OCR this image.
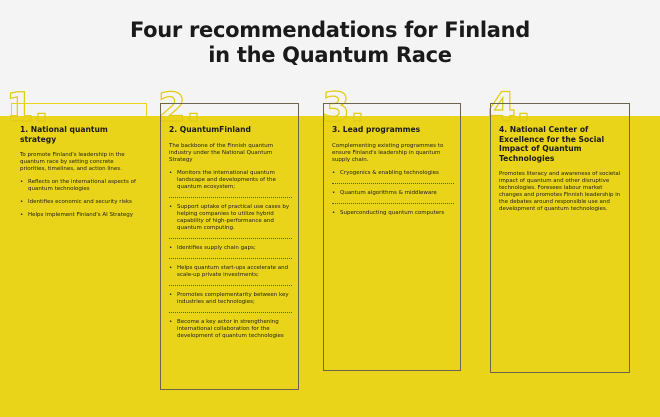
Four recommendations for Finland
in the Quantum Race
1.
1. National quantum strategy
To promote Finland's leadership in the quantum race by setting concrete priorities, timelines, and action lines.
• Reflects on the international aspects of quantum technologies
• Identifies economic and security risks
• Helps implement Finland's AI Strategy
2.
2. QuantumFinland
The backbone of the Finnish quantum industry under the National Quantum Strategy
• Monitors the international quantum landscape and developments of the quantum ecosystem;
• Support uptake of practical use cases by helping companies to utilize hybrid capability of high-performance and quantum computing.
• Identifies supply chain gaps;
• Helps quantum start-ups accelerate and scale-up private investments;
• Promotes complementarity between key industries and technologies;
• Become a key actor in strengthening international collaboration for the development of quantum technologies
3.
3. Lead programmes
Complementing existing programmes to ensure Finland's leadership in quantum supply chain.
• Cryogenics & enabling technologies
• Quantum algorithms & middleware
• Superconducting quantum computers
4.
4. National Center of Excellence for the Social Impact of Quantum Technologies
Promotes literacy and awareness of societal impact of quantum and other disruptive technologies. Foresees labour market changes and promotes Finnish leadership in the debates around responsible use and development of quantum technologies.
